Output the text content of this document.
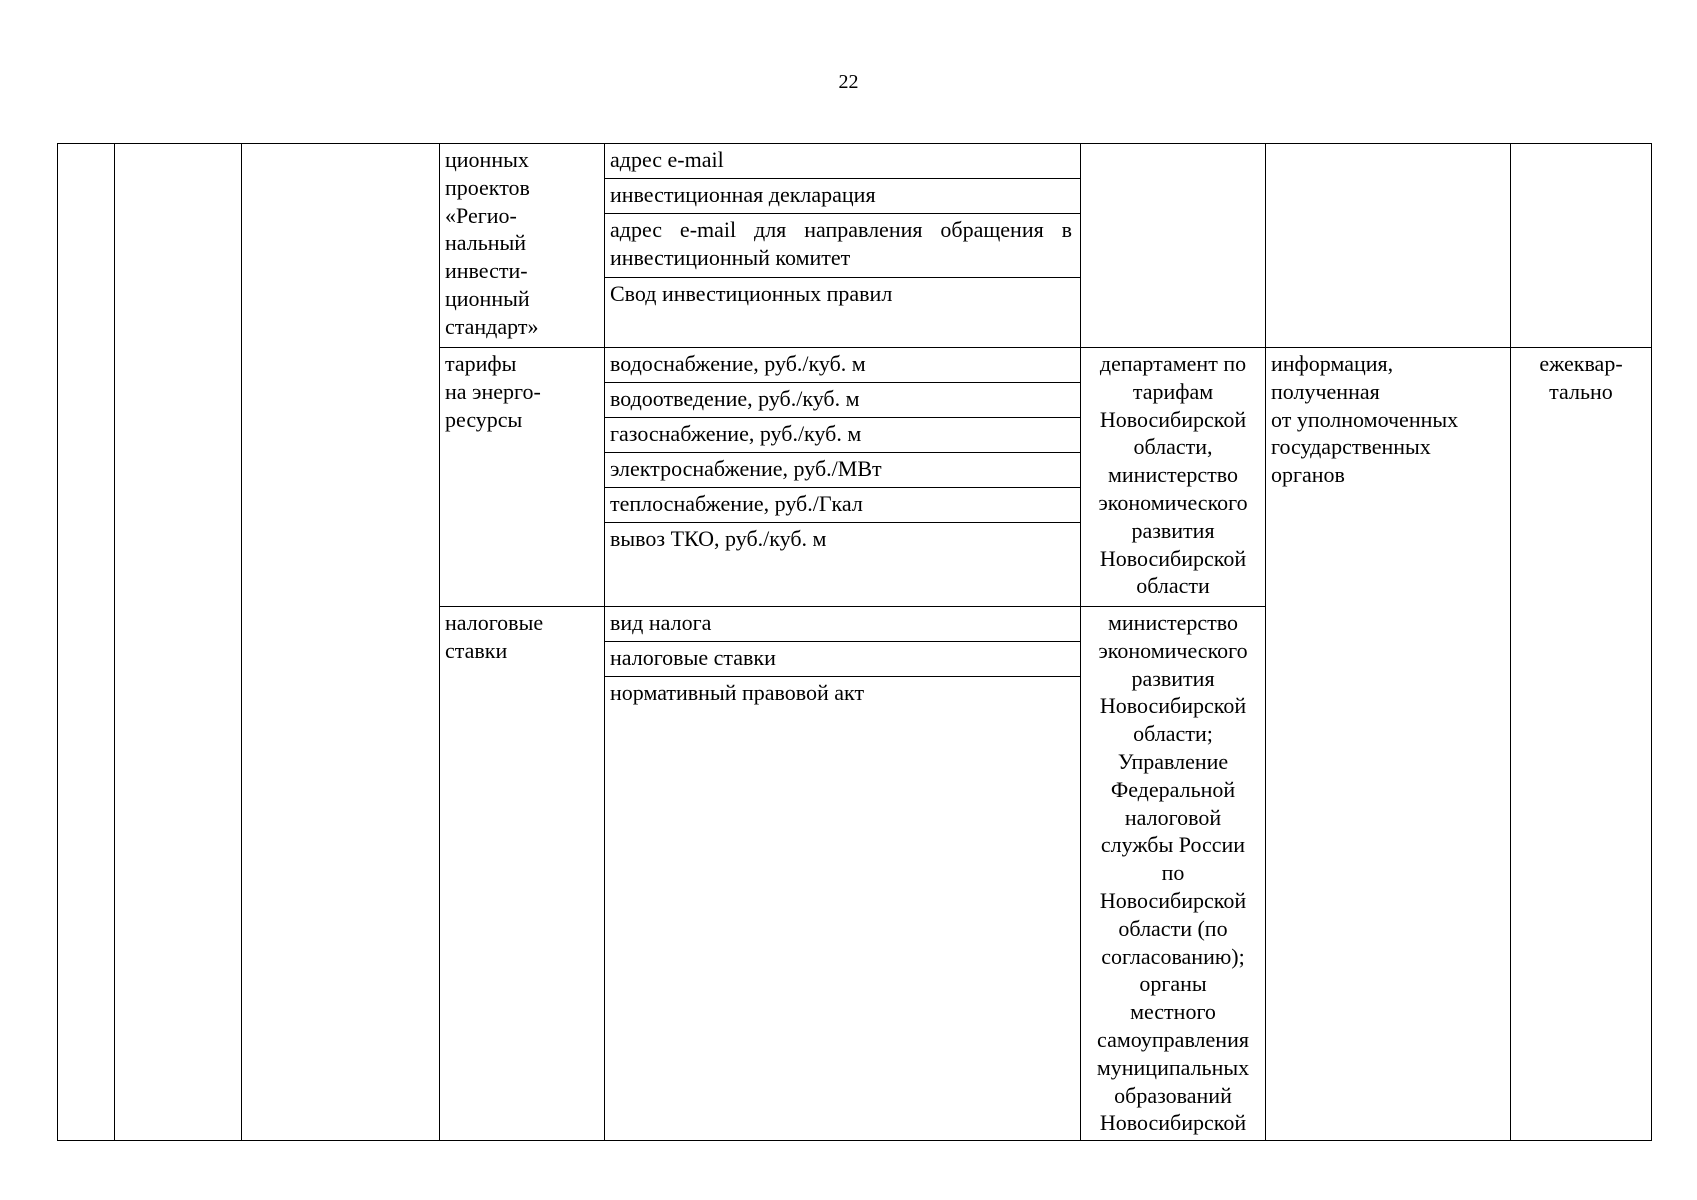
22
ционных
проектов
«Регио-
нальный
инвести-
ционный
стандарт»
адрес e-mail
инвестиционная декларация
адрес e-mail для направления обращения в инвестиционный комитет
Свод инвестиционных правил
тарифы
на энерго-
ресурсы
водоснабжение, руб./куб. м
водоотведение, руб./куб. м
газоснабжение, руб./куб. м
электроснабжение, руб./МВт
теплоснабжение, руб./Гкал
вывоз ТКО, руб./куб. м
департамент по
тарифам
Новосибирской
области,
министерство
экономического
развития
Новосибирской
области
информация,
полученная
от уполномоченных
государственных
органов
ежеквар-
тально
налоговые
ставки
вид налога
налоговые ставки
нормативный правовой акт
министерство
экономического
развития
Новосибирской
области;
Управление
Федеральной
налоговой
службы России
по
Новосибирской
области (по
согласованию);
органы
местного
самоуправления
муниципальных
образований
Новосибирской
